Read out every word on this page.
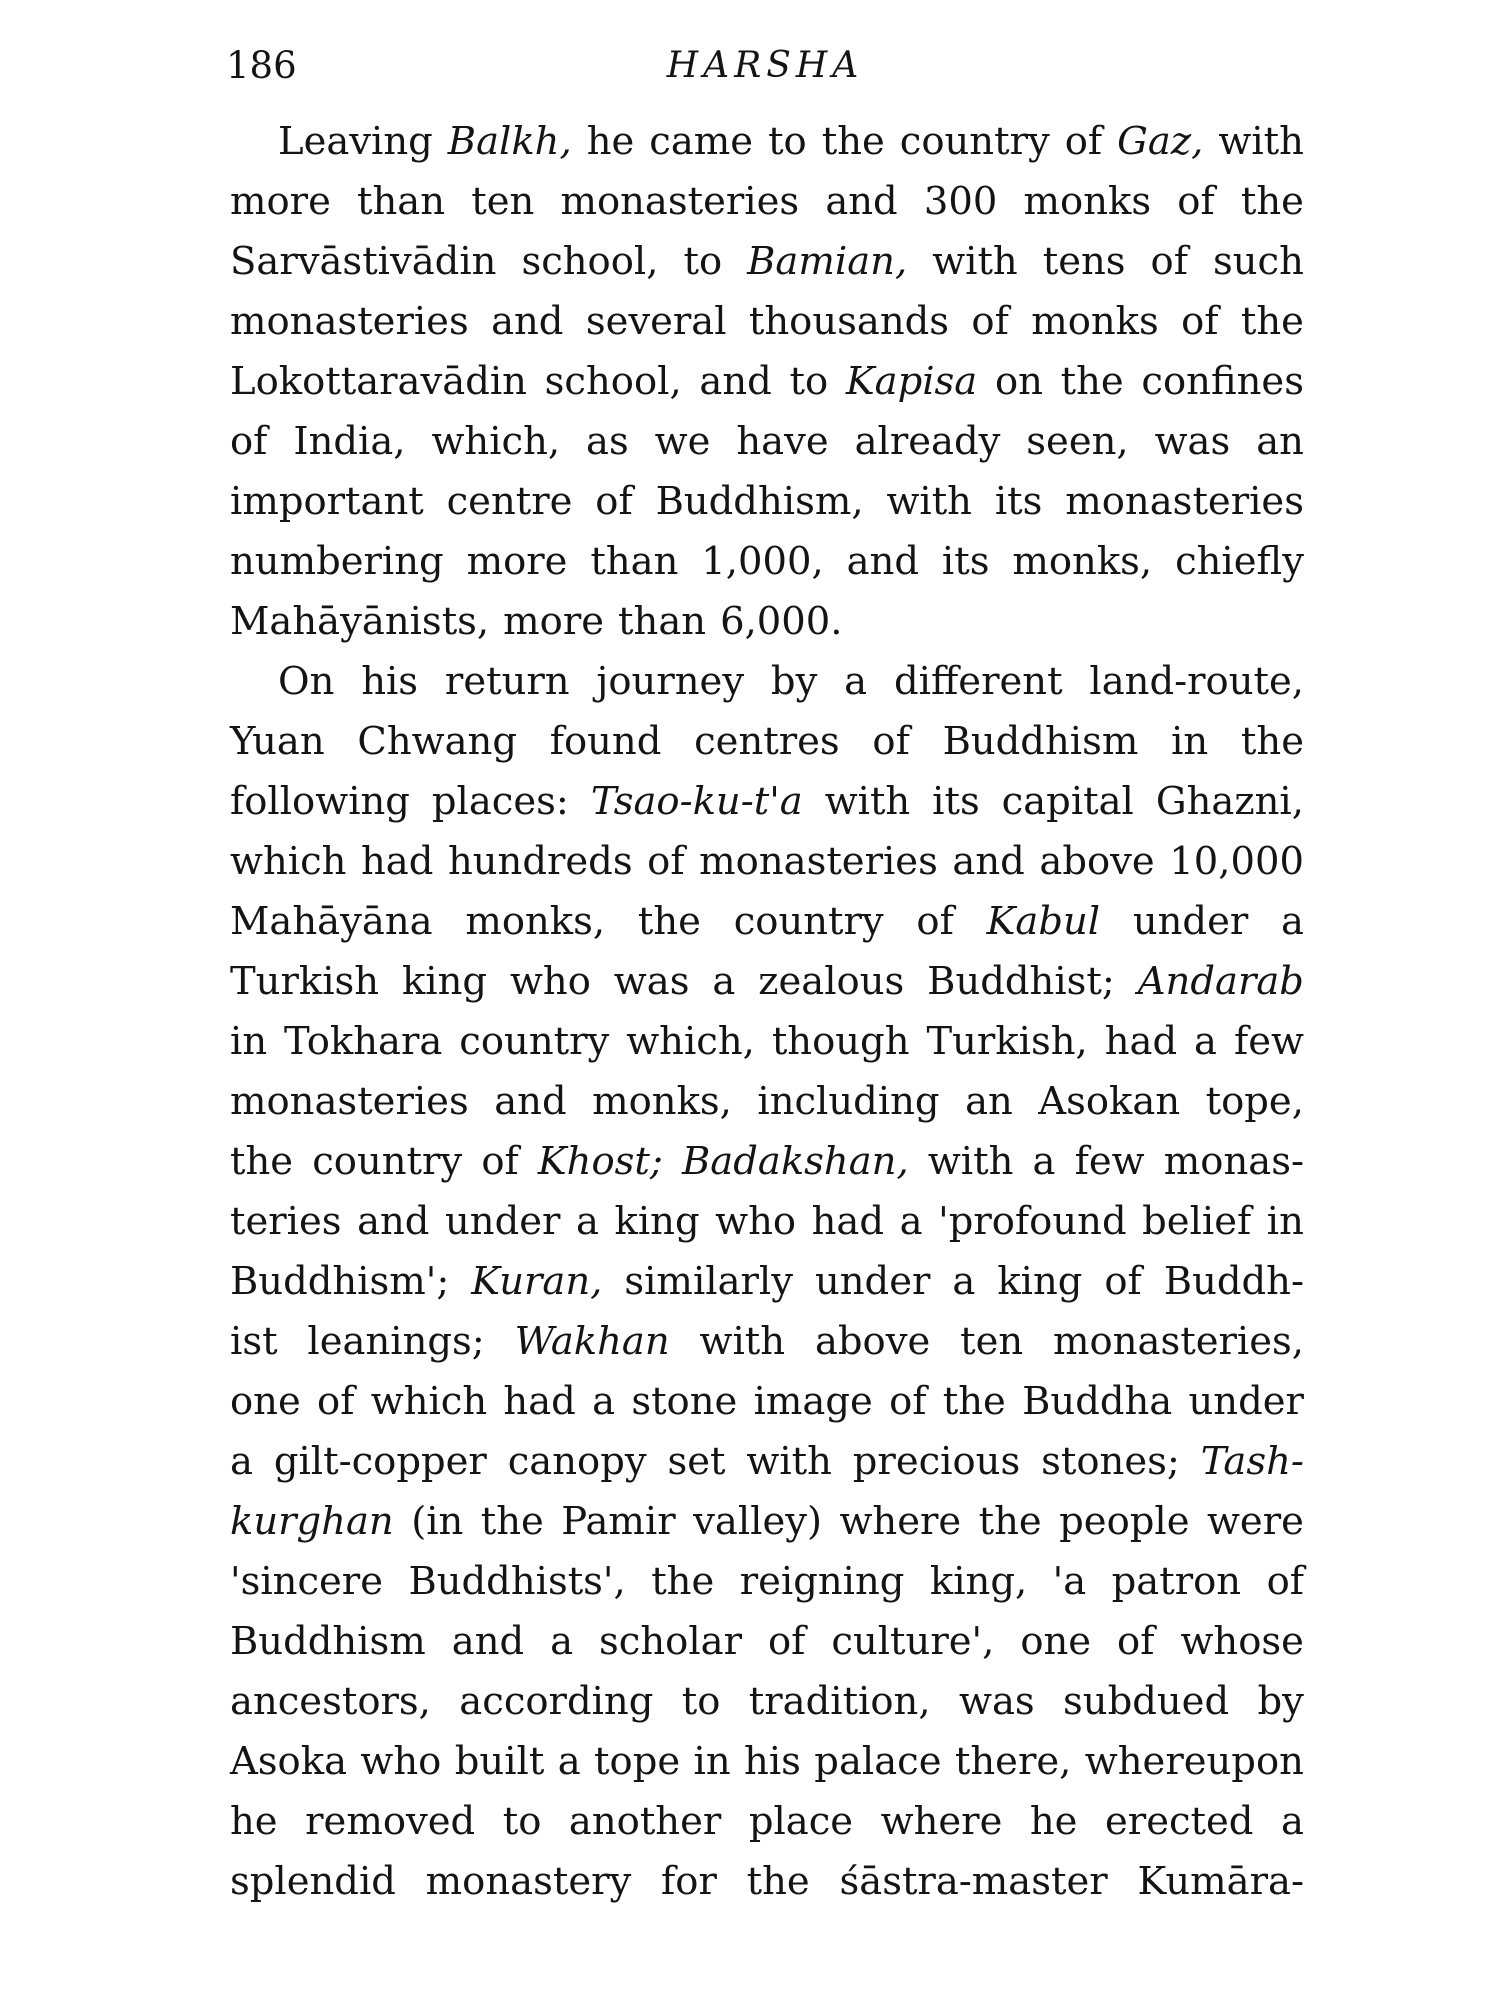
186	HARSHA
Leaving Balkh, he came to the country of Gaz, with
more than ten monasteries and 300 monks of the
Sarvāstivādin school, to Bamian, with tens of such
monasteries and several thousands of monks of the
Lokottaravādin school, and to Kapisa on the confines
of India, which, as we have already seen, was an
important centre of Buddhism, with its monasteries
numbering more than 1,000, and its monks, chiefly
Mahāyānists, more than 6,000.
On his return journey by a different land-route,
Yuan Chwang found centres of Buddhism in the
following places: Tsao-ku-t'a with its capital Ghazni,
which had hundreds of monasteries and above 10,000
Mahāyāna monks, the country of Kabul under a
Turkish king who was a zealous Buddhist; Andarab
in Tokhara country which, though Turkish, had a few
monasteries and monks, including an Asokan tope,
the country of Khost; Badakshan, with a few monas-
teries and under a king who had a 'profound belief in
Buddhism'; Kuran, similarly under a king of Buddh-
ist leanings; Wakhan with above ten monasteries,
one of which had a stone image of the Buddha under
a gilt-copper canopy set with precious stones; Tash-
kurghan (in the Pamir valley) where the people were
'sincere Buddhists', the reigning king, 'a patron of
Buddhism and a scholar of culture', one of whose
ancestors, according to tradition, was subdued by
Asoka who built a tope in his palace there, whereupon
he removed to another place where he erected a
splendid monastery for the śāstra-master Kumāra-
